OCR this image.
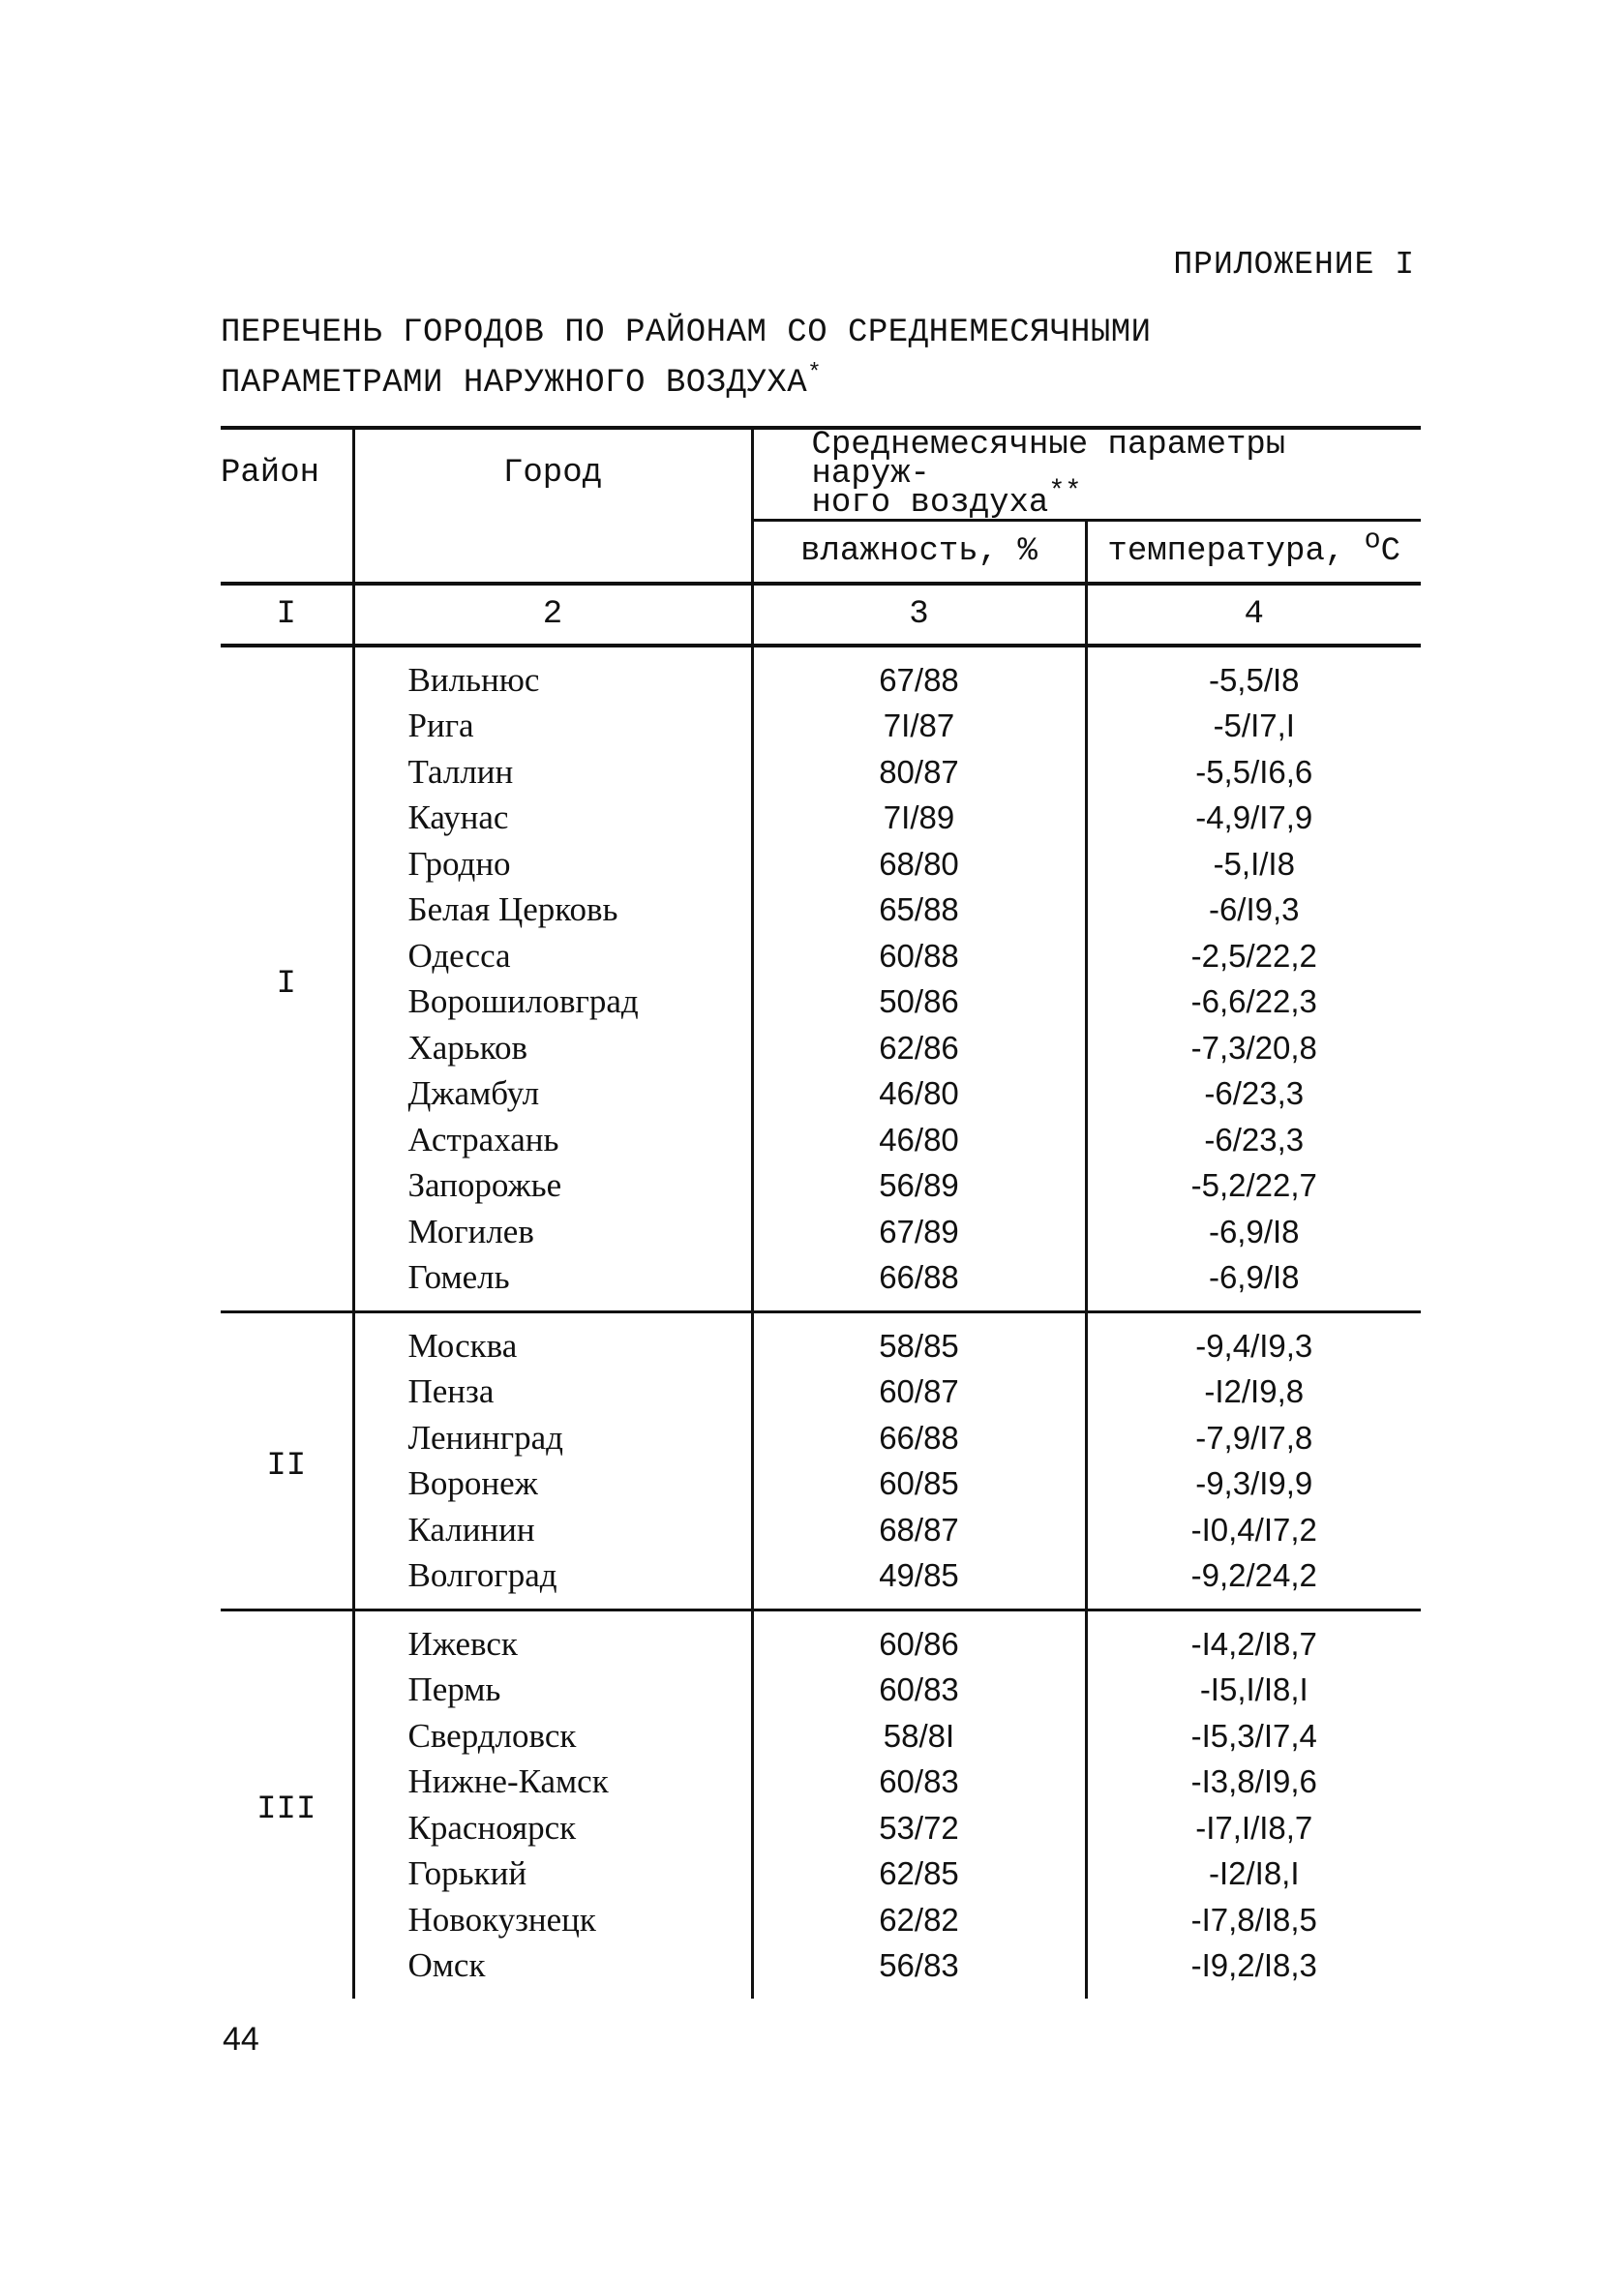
ПРИЛОЖЕНИЕ I
ПЕРЕЧЕНЬ ГОРОДОВ ПО РАЙОНАМ СО СРЕДНЕМЕСЯЧНЫМИ
ПАРАМЕТРАМИ НАРУЖНОГО ВОЗДУХА*
Район	Город	Среднемесячные параметры наруж-
ного воздуха**

		влажность, %	температура, $^о$С
I	2	3	4
I	Вильнюс	67/88	-5,5/I8
	Рига	7I/87	-5/I7,I
	Таллин	80/87	-5,5/I6,6
	Каунас	7I/89	-4,9/I7,9
	Гродно	68/80	-5,I/I8
	Белая Церковь	65/88	-6/I9,3
	Одесса	60/88	-2,5/22,2
	Ворошиловград	50/86	-6,6/22,3
	Харьков	62/86	-7,3/20,8
	Джамбул	46/80	-6/23,3
	Астрахань	46/80	-6/23,3
	Запорожье	56/89	-5,2/22,7
	Могилев	67/89	-6,9/I8
	Гомель	66/88	-6,9/I8
II	Москва	58/85	-9,4/I9,3
	Пенза	60/87	-I2/I9,8
	Ленинград	66/88	-7,9/I7,8
	Воронеж	60/85	-9,3/I9,9
	Калинин	68/87	-I0,4/I7,2
	Волгоград	49/85	-9,2/24,2
III	Ижевск	60/86	-I4,2/I8,7
	Пермь	60/83	-I5,I/I8,I
	Свердловск	58/8I	-I5,3/I7,4
	Нижне-Камск	60/83	-I3,8/I9,6
	Красноярск	53/72	-I7,I/I8,7
	Горький	62/85	-I2/I8,I
	Новокузнецк	62/82	-I7,8/I8,5
	Омск	56/83	-I9,2/I8,3
44
